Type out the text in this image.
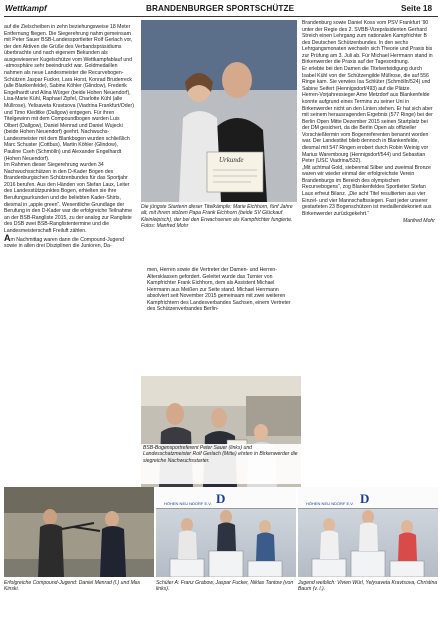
Wettkampf	BRANDENBURGER SPORTSCHÜTZE	Seite 18

auf die Zielscheiben in zehn beziehungsweise 18 Meter Entfernung fliegen. Die Siegerehrung nahm gemeinsam mit Peter Sauer BSB-Landessportleiter Rolf Gerlach vor, der den Aktiven die Grüße des Verbandspräsidiums überbrachte und nach eigenem Bekunden als ausgewiesener Kugelschütze vom Wettkampfablauf und -atmosphäre sehr beeindruckt war. Goldmedaillen nahmen als neue Landesmeister die Recurvebogen-Schützen Jaspar Fucker, Lara Horst, Konrad Bruderreck (alle Blankenfelde), Sabine Köhler (Glindow), Frederik Engelhardt und Alina Würger (beide Hohen Neuendorf), Lisa-Marie Kühl, Raphael Zipfel, Charlotte Kühl (alle Müllrose), Yelisaveta Kravtsova (Viadrina Frankfurt/Oder) und Timo Kleditke (Dallgow) entgegen. Für ihren Titelgewinn mit dem Compoundbogen wurden Luis Olbert (Dallgow), Daniel Menrad und Daniel Wujecki (beide Hohen Neuendorf) geehrt. Nachwuchs-Landesmeister mit dem Blankbogen wurden schließlich Marc Schuster (Cottbus), Martin Köhler (Glindow), Pauline Cseh (Schmölln) und Alexander Engelhardt (Hohen Neuendorf).

Im Rahmen dieser Siegerehrung wurden 34 Nachwuchsschützen in den D-Kader Bogen des Brandenburgischen Schützenbundes für das Sportjahr 2016 berufen. Aus den Händen von Stefan Laux, Leiter des Landesstützpunktes Bogen, erhielten sie ihre Berufungsurkunden und die beliebten Kader-Shirts, diesmal in „apple green“. Wesentliche Grundlage der Berufung in den D-Kader war die erfolgreiche Teilnahme an der BSB-Rangliste 2015, zu der analog zur Rangliste des DSB zwei BSB-Ranglistentermine und die Landesmeisterschaft Freiluft zählen.

Am Nachmittag waren dann die Compound-Jugend sowie in allen drei Disziplinen die Junioren, Da-

Urkunde
Die jüngste Starterin dieser Titelkämpfe: Marie Eichhorn, fünf Jahre alt, mit ihrem stolzen Papa Frank Eichhorn (beide SV Glückauf Kleinleipisch), der bei den Erwachsenen als Kampfrichter fungierte. Fotos: Manfred Mohr

men, Herren sowie die Vertreter der Damen- und Herren-Altersklassen gefordert. Geleitet wurde das Turnier von Kampfrichter Frank Eichhorn, dem als Assistent Michael Herrmann aus Meißen zur Seite stand. Michael Herrmann absolviert seit November 2015 gemeinsam mit zwei weiteren Kampfrichtern des Landesverbandes Sachsen, einem Vertreter des Schützenverbandes Berlin-

BSB-Bogensportreferent Peter Sauer (links) und Landesschatzmeister Rolf Gerlach (Mitte) ehrten in Birkenwerder die siegreiche Nachwuchsstarter.

Brandenburg sowie Daniel Koss vom PSV Frankfurt ’90 unter der Regie des 2. SVBB-Vizepräsidenten Gerhard Streich einen Lehrgang zum nationalen Kampfrichter B des Deutschen Schützenbundes. In den sechs Lehrgangsmonaten wechseln sich Theorie und Praxis bis zur Prüfung am 3. Juli ab. Für Michael Herrmann stand in Birkenwerder die Praxis auf der Tagesordnung.

Er erlebte bei den Damen die Titelverteidigung durch Isabel Kühl von der Schützengilde Müllrose, die auf 556 Ringe kam. Sie verwies Isa Schlüter (Schmölln/524) und Sabine Seifert (Hennigsdorf/493) auf die Plätze.

Herren-Vorjahressieger Arne Metzdorf aus Blankenfelde konnte aufgrund eines Termins zu seiner Uni in Birkenwerder nicht an den Linien stehen. Er hat sich aber mit seinem herausragenden Ergebnis (577 Ringe) bei der Berlin Open Mitte Dezember 2015 seinen Startplatz bei der DM gesichert, da die Berlin Open als offizieller Vorschießtermin vom Bogenreferenten benannt worden war. Der Landestitel blieb dennoch in Blankenfelde, diesmal mit 547 Ringen erobert durch Robin Weinig vor Marius Warembourg (Hennigsdorf/544) und Sebastian Peter (USC Viadrina/532).

„Mit achtmal Gold, siebenmal Silber und zweimal Bronze waren wir wieder einmal der erfolgreichste Verein Brandenburgs im Bereich des olympischen Recurvebogens“, zog Blankenfeldes Sportleiter Stefan Laux erfreut Bilanz. „Die acht Titel resultierten aus vier Einzel- und vier Mannschaftssiegen. Fast jeder unserer gestarteten 23 Bogenschützen ist medaillendekoriert aus Birkenwerder zurückgekehrt.“

Manfred Mohr
Erfolgreiche Compound-Jugend: Daniel Menrad (l.) und Max Kinski.
D
HÖHEN NEU NDORF E.V.
Schüler A: Franz Grabow, Jaspar Fucker, Niklas Tantow (von links).
D
HÖHEN NEU NDORF E.V.
Jugend weiblich: Vivien Würl, Yelysaveta Kravtsova, Christina Baum (v. l.).
